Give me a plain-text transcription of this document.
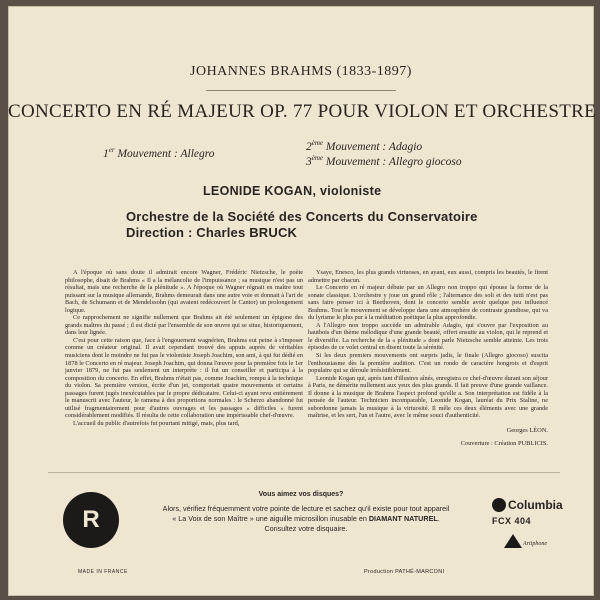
JOHANNES BRAHMS (1833-1897)

CONCERTO EN RÉ MAJEUR OP. 77 POUR VIOLON ET ORCHESTRE
1er Mouvement : Allegro
2ème Mouvement : Adagio
3ème Mouvement : Allegro giocoso
LEONIDE KOGAN, violoniste
Orchestre de la Société des Concerts du Conservatoire
Direction : Charles BRUCK

A l'époque où sans doute il admirait encore Wagner, Frédéric Nietzsche, le poète philosophe, disait de Brahms « Il a la mélancolie de l'impuissance ; sa musique n'est pas un résultat, mais une recherche de la plénitude ». A l'époque où Wagner régnait en maître tout puissant sur la musique allemande, Brahms demeurait dans une autre voie et donnait à l'art de Bach, de Schumann et de Mendelssohn (qui avaient redécouvert le Cantor) un prolongement logique.

Ce rapprochement ne signifie nullement que Brahms ait été seulement un épigone des grands maîtres du passé ; il est dicté par l'ensemble de son œuvre qui se situe, historiquement, dans leur lignée.

C'est pour cette raison que, face à l'engouement wagnérien, Brahms eut peine à s'imposer comme un créateur original. Il avait cependant trouvé des appuis auprès de véritables musiciens dont le moindre ne fut pas le violoniste Joseph Joachim, son ami, à qui fut dédié en 1878 le Concerto en ré majeur. Joseph Joachim, qui donna l'œuvre pour la première fois le 1er janvier 1879, ne fut pas seulement un interprète : il fut un conseiller et participa à la composition du concerto. En effet, Brahms n'était pas, comme Joachim, rompu à la technique du violon. Sa première version, écrite d'un jet, comportait quatre mouvements et certains passages furent jugés inexécutables par le propre dédicataire. Celui-ci ayant revu entièrement le manuscrit avec l'auteur, le ramena à des proportions normales : le Scherzo abandonné fut utilisé fragmentairement pour d'autres ouvrages et les passages « difficiles » furent considérablement modifiés. Il résulta de cette collaboration une impérissable chef-d'œuvre.

L'accueil du public d'autrefois fut pourtant mitigé, mais, plus tard,

Ysaye, Enesco, les plus grands virtuoses, en ayant, eux aussi, compris les beautés, le firent admettre par chacun.

Le Concerto en ré majeur débute par un Allegro non troppo qui épouse la forme de la sonate classique. L'orchestre y joue un grand rôle ; l'alternance des soli et des tutti n'est pas sans faire penser ici à Beethoven, dont le concerto semble avoir quelque peu influencé Brahms. Tout le mouvement se développe dans une atmosphère de contraste grandiose, qui va du lyrisme le plus pur à la méditation poétique la plus approfondie.

A l'Allegro non troppo succède un admirable Adagio, qui s'ouvre par l'exposition au hautbois d'un thème mélodique d'une grande beauté, offert ensuite au violon, qui le reprend et le diversifie. La recherche de la « plénitude » dont parle Nietzsche semble atteinte. Les trois épisodes de ce volet central en disent toute la sérénité.

Si les deux premiers mouvements ont surpris jadis, le finale (Allegro giocoso) suscita l'enthousiasme dès la première audition. C'est un rondo de caractère hongrois et d'esprit populaire qui se déroule irrésistiblement.

Leonide Kogan qui, après tant d'illustres aînés, enregistra ce chef-d'œuvre durant son séjour à Paris, ne démérite nullement aux yeux des plus grands. Il fait preuve d'une grande vaillance. Il donne à la musique de Brahms l'aspect profond qu'elle a. Son interprétation est fidèle à la pensée de l'auteur. Technicien incomparable, Leonide Kogan, lauréat du Prix Staline, ne subordonne jamais la musique à la virtuosité. Il mêle ces deux éléments avec une grande maîtrise, et les sert, l'un et l'autre, avec le même souci d'authenticité.

Georges LÉON.
Couverture : Création PUBLICIS.
R
MADE IN FRANCE
Vous aimez vos disques?
Alors, vérifiez fréquemment votre pointe de lecture et sachez qu'il existe pour tout appareil
« La Voix de son Maître » une aiguille microsillon inusable en DIAMANT NATUREL.
Consultez votre disquaire.
Production PATHÉ-MARCONI
Columbia
FCX 404
Artiphone
